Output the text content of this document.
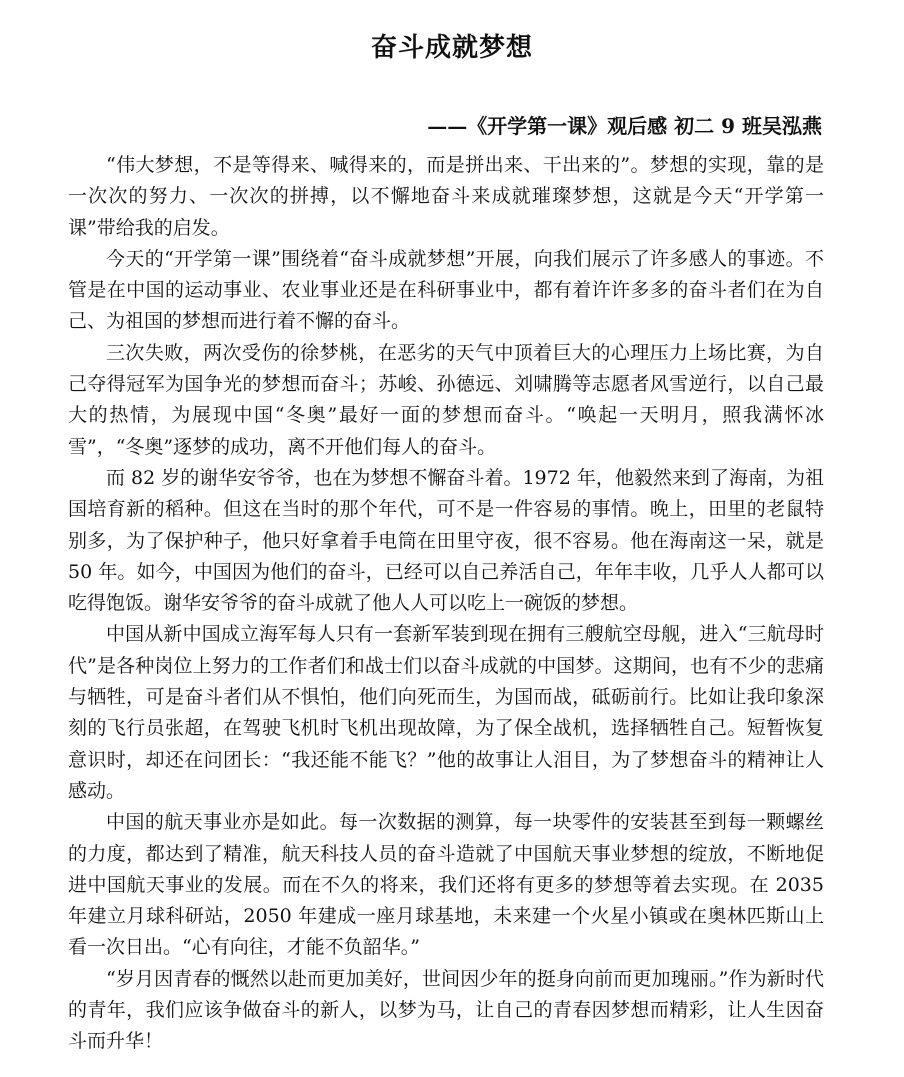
奋斗成就梦想
——《开学第一课》观后感 初二 9 班吴泓燕

“伟大梦想，不是等得来、喊得来的，而是拼出来、干出来的”。梦想的实现，靠的是一次次的努力、一次次的拼搏，以不懈地奋斗来成就璀璨梦想，这就是今天“开学第一课”带给我的启发。

今天的“开学第一课”围绕着“奋斗成就梦想”开展，向我们展示了许多感人的事迹。不管是在中国的运动事业、农业事业还是在科研事业中，都有着许许多多的奋斗者们在为自己、为祖国的梦想而进行着不懈的奋斗。

三次失败，两次受伤的徐梦桃，在恶劣的天气中顶着巨大的心理压力上场比赛，为自己夺得冠军为国争光的梦想而奋斗；苏峻、孙德远、刘啸腾等志愿者风雪逆行，以自己最大的热情，为展现中国“冬奥”最好一面的梦想而奋斗。“唤起一天明月，照我满怀冰雪”，“冬奥”逐梦的成功，离不开他们每人的奋斗。

而 82 岁的谢华安爷爷，也在为梦想不懈奋斗着。1972 年，他毅然来到了海南，为祖国培育新的稻种。但这在当时的那个年代，可不是一件容易的事情。晚上，田里的老鼠特别多，为了保护种子，他只好拿着手电筒在田里守夜，很不容易。他在海南这一呆，就是 50 年。如今，中国因为他们的奋斗，已经可以自己养活自己，年年丰收，几乎人人都可以吃得饱饭。谢华安爷爷的奋斗成就了他人人可以吃上一碗饭的梦想。

中国从新中国成立海军每人只有一套新军装到现在拥有三艘航空母舰，进入“三航母时代”是各种岗位上努力的工作者们和战士们以奋斗成就的中国梦。这期间，也有不少的悲痛与牺牲，可是奋斗者们从不惧怕，他们向死而生，为国而战，砥砺前行。比如让我印象深刻的飞行员张超，在驾驶飞机时飞机出现故障，为了保全战机，选择牺牲自己。短暂恢复意识时，却还在问团长：“我还能不能飞？”他的故事让人泪目，为了梦想奋斗的精神让人感动。

中国的航天事业亦是如此。每一次数据的测算，每一块零件的安装甚至到每一颗螺丝的力度，都达到了精准，航天科技人员的奋斗造就了中国航天事业梦想的绽放，不断地促进中国航天事业的发展。而在不久的将来，我们还将有更多的梦想等着去实现。在 2035 年建立月球科研站，2050 年建成一座月球基地，未来建一个火星小镇或在奥林匹斯山上看一次日出。“心有向往，才能不负韶华。”

“岁月因青春的慨然以赴而更加美好，世间因少年的挺身向前而更加瑰丽。”作为新时代的青年，我们应该争做奋斗的新人，以梦为马，让自己的青春因梦想而精彩，让人生因奋斗而升华！
